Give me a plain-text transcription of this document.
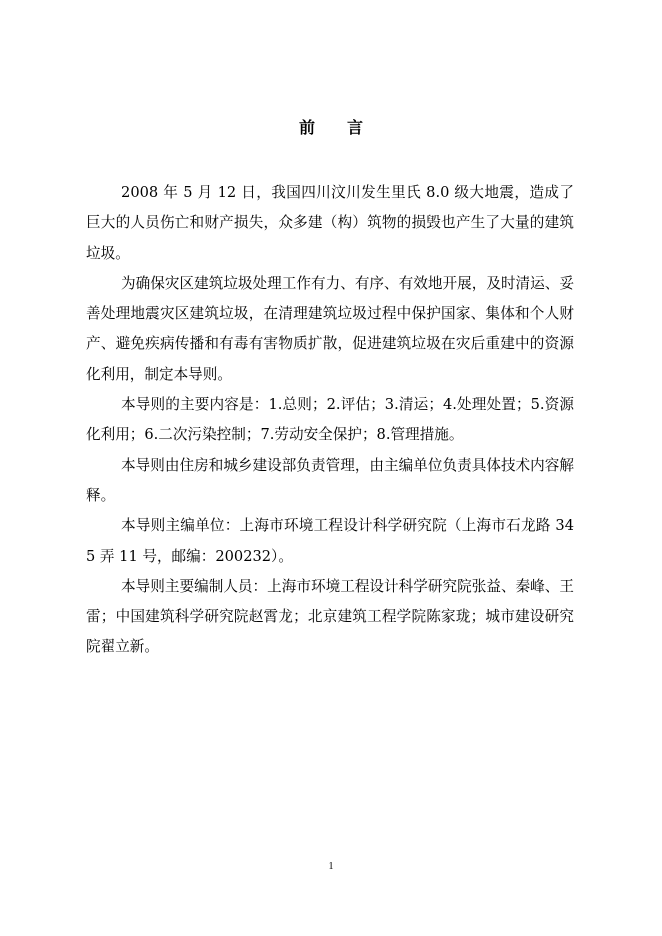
前　　言

2008 年 5 月 12 日，我国四川汶川发生里氏 8.0 级大地震，造成了巨大的人员伤亡和财产损失，众多建（构）筑物的损毁也产生了大量的建筑垃圾。

为确保灾区建筑垃圾处理工作有力、有序、有效地开展，及时清运、妥善处理地震灾区建筑垃圾，在清理建筑垃圾过程中保护国家、集体和个人财产、避免疾病传播和有毒有害物质扩散，促进建筑垃圾在灾后重建中的资源化利用，制定本导则。

本导则的主要内容是：1.总则；2.评估；3.清运；4.处理处置；5.资源化利用；6.二次污染控制；7.劳动安全保护；8.管理措施。

本导则由住房和城乡建设部负责管理，由主编单位负责具体技术内容解释。

本导则主编单位：上海市环境工程设计科学研究院（上海市石龙路 345 弄 11 号，邮编：200232）。

本导则主要编制人员：上海市环境工程设计科学研究院张益、秦峰、王雷；中国建筑科学研究院赵霄龙；北京建筑工程学院陈家珑；城市建设研究院翟立新。

1
